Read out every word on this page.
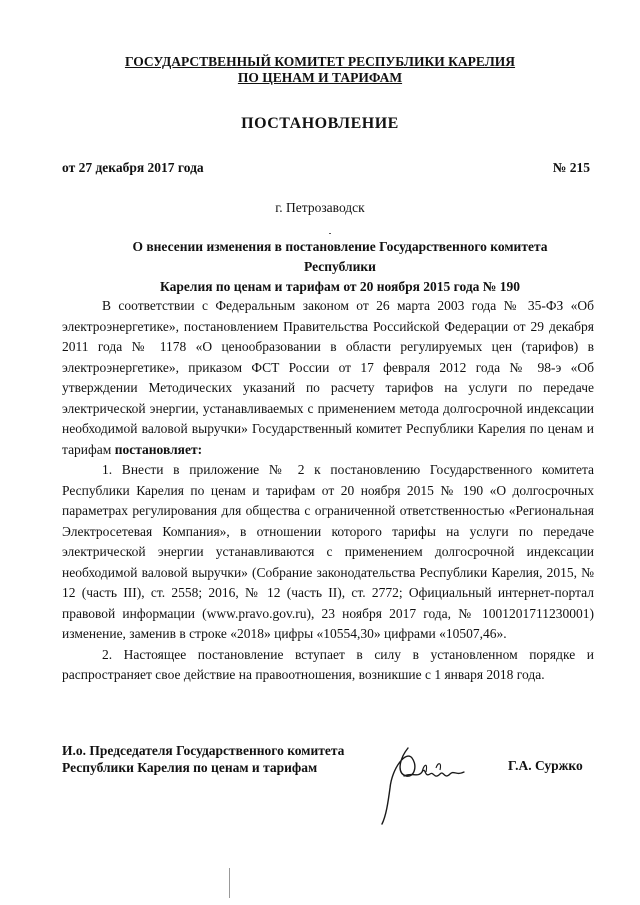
ГОСУДАРСТВЕННЫЙ КОМИТЕТ РЕСПУБЛИКИ КАРЕЛИЯ
ПО ЦЕНАМ И ТАРИФАМ
ПОСТАНОВЛЕНИЕ
от 27 декабря 2017 года	№ 215
г. Петрозаводск
О внесении изменения в постановление Государственного комитета Республики
Карелия по ценам и тарифам от 20 ноября 2015 года № 190

В соответствии с Федеральным законом от 26 марта 2003 года № 35-ФЗ «Об электроэнергетике», постановлением Правительства Российской Федерации от 29 декабря 2011 года № 1178 «О ценообразовании в области регулируемых цен (тарифов) в электроэнергетике», приказом ФСТ России от 17 февраля 2012 года № 98-э «Об утверждении Методических указаний по расчету тарифов на услуги по передаче электрической энергии, устанавливаемых с применением метода долгосрочной индексации необходимой валовой выручки» Государственный комитет Республики Карелия по ценам и тарифам постановляет:

1. Внести в приложение № 2 к постановлению Государственного комитета Республики Карелия по ценам и тарифам от 20 ноября 2015 № 190 «О долгосрочных параметрах регулирования для общества с ограниченной ответственностью «Региональная Электросетевая Компания», в отношении которого тарифы на услуги по передаче электрической энергии устанавливаются с применением долгосрочной индексации необходимой валовой выручки» (Собрание законодательства Республики Карелия, 2015, № 12 (часть III), ст. 2558; 2016, № 12 (часть II), ст. 2772; Официальный интернет-портал правовой информации (www.pravo.gov.ru), 23 ноября 2017 года, № 1001201711230001) изменение, заменив в строке «2018» цифры «10554,30» цифрами «10507,46».

2. Настоящее постановление вступает в силу в установленном порядке и распространяет свое действие на правоотношения, возникшие с 1 января 2018 года.

И.о. Председателя Государственного комитета
Республики Карелия по ценам и тарифам	Г.А. Суржко
